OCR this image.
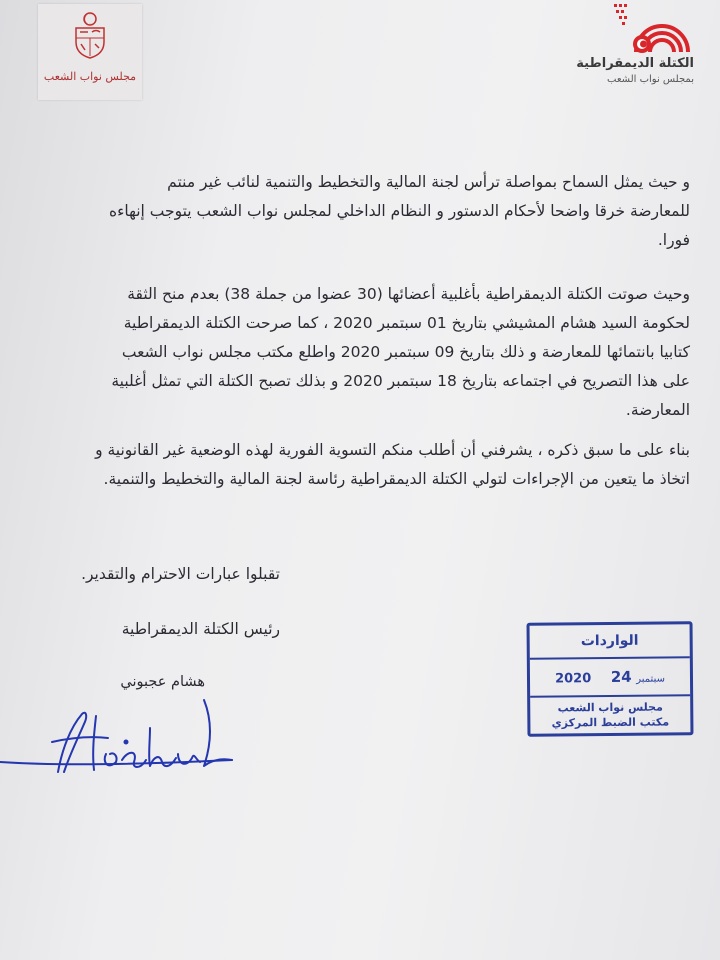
مجلس نواب الشعب
الكتلة الديمقراطية
بمجلس نواب الشعب
و حيث يمثل السماح بمواصلة ترأس لجنة المالية والتخطيط والتنمية لنائب غير منتم
للمعارضة خرقا واضحا لأحكام الدستور و النظام الداخلي لمجلس نواب الشعب يتوجب إنهاءه
فورا.
وحيث صوتت الكتلة الديمقراطية بأغلبية أعضائها (30 عضوا من جملة 38) بعدم منح الثقة
لحكومة السيد هشام المشيشي بتاريخ 01 سبتمبر 2020 ، كما صرحت الكتلة الديمقراطية
كتابيا بانتمائها للمعارضة و ذلك بتاريخ 09 سبتمبر 2020 واطلع مكتب مجلس نواب الشعب
على هذا التصريح في اجتماعه بتاريخ 18 سبتمبر 2020 و بذلك تصبح الكتلة التي تمثل أغلبية
المعارضة.
بناء على ما سبق ذكره ، يشرفني أن أطلب منكم التسوية الفورية لهذه الوضعية غير القانونية و
اتخاذ ما يتعين من الإجراءات لتولي الكتلة الديمقراطية رئاسة لجنة المالية والتخطيط والتنمية.
تقبلوا عبارات الاحترام والتقدير.
رئيس الكتلة الديمقراطية
هشام عجبوني
الواردات
2020	سبتمبر 24
مجلس نواب الشعب
مكتب الضبط المركزي
